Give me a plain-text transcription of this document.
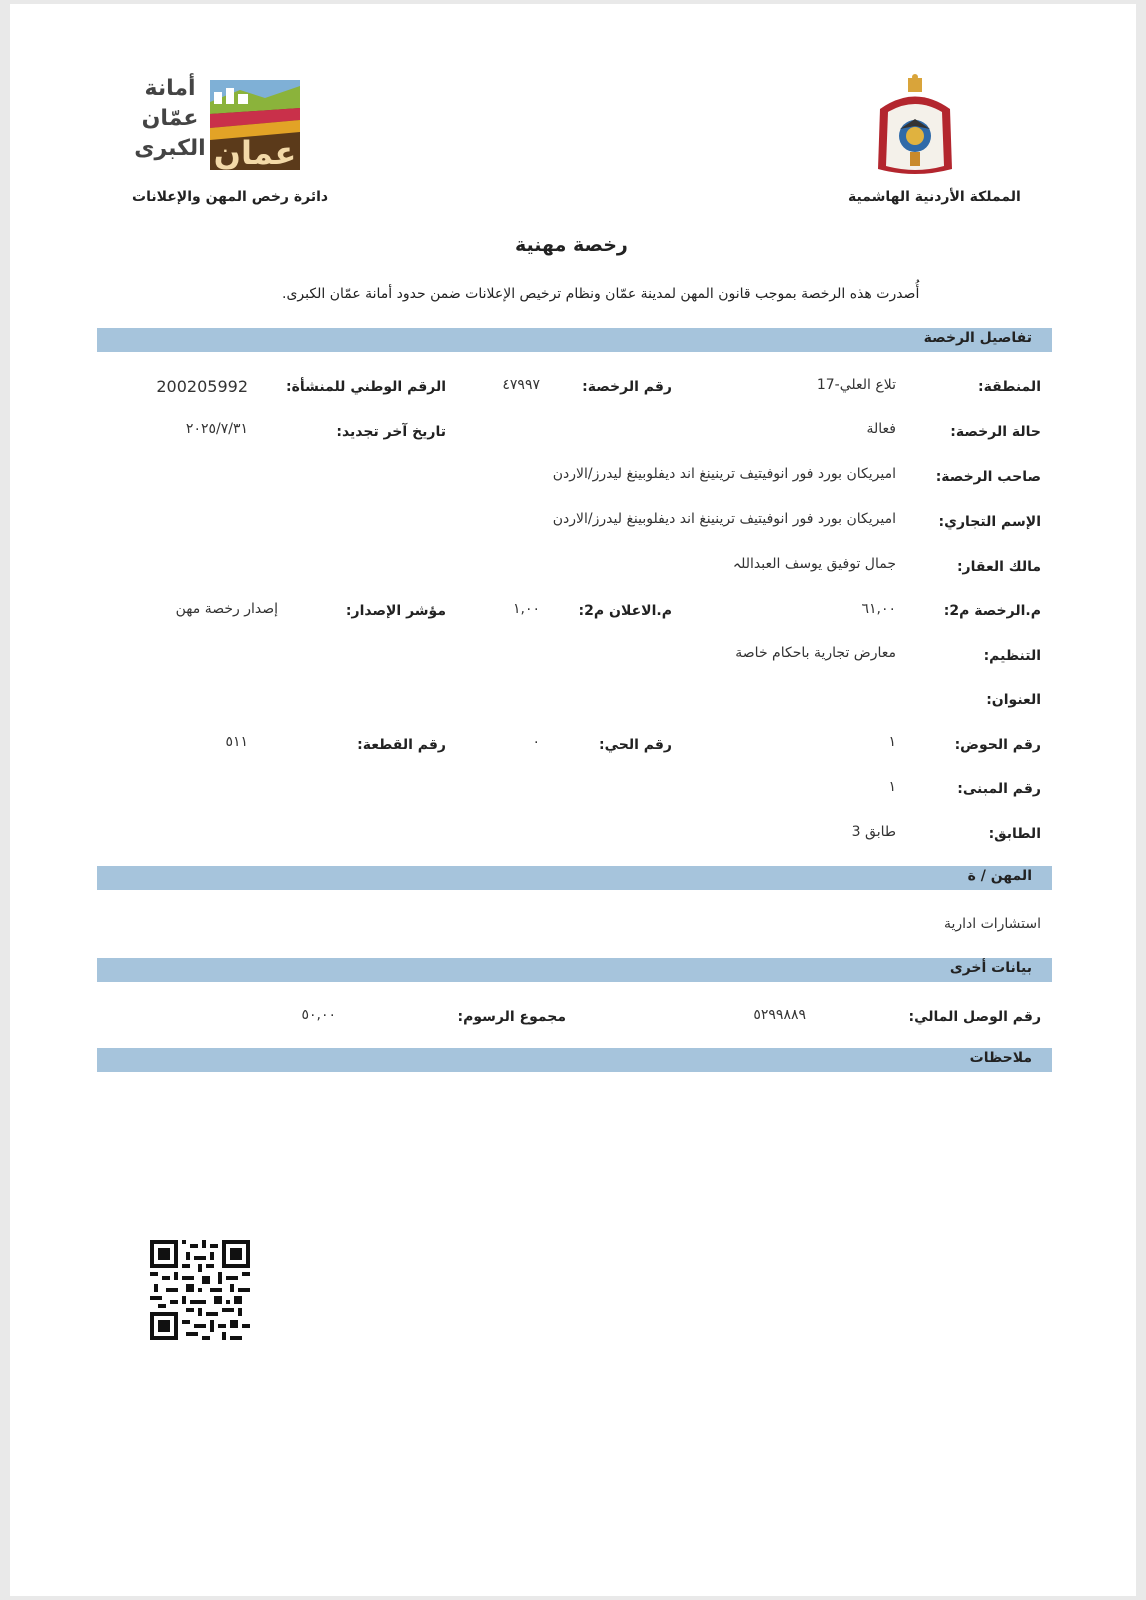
عمان
أمانة
عمّان
الكبرى
دائرة رخص المهن والإعلانات	المملكة الأردنية الهاشمية
رخصة مهنية
أُصدرت هذه الرخصة بموجب قانون المهن لمدينة عمّان ونظام ترخيص الإعلانات ضمن حدود أمانة عمّان الكبرى.
تفاصيل الرخصة
المنطقة:
تلاع العلي-17
رقم الرخصة:
٤٧٩٩٧
الرقم الوطني للمنشأة:
200205992
حالة الرخصة:
فعالة
تاريخ آخر تجديد:
٢٠٢٥/٧/٣١
صاحب الرخصة:
اميريكان بورد فور انوفيتيف ترينينغ اند ديفلوبينغ ليدرز/الاردن
الإسم التجاري:
اميريكان بورد فور انوفيتيف ترينينغ اند ديفلوبينغ ليدرز/الاردن
مالك العقار:
جمال توفيق يوسف العبداللہ
م.الرخصة م2:
٦١,٠٠
م.الاعلان م2:
١,٠٠
مؤشر الإصدار:
إصدار رخصة مهن
التنظيم:
معارض تجارية باحكام خاصة
العنوان:
رقم الحوض:
١
رقم الحي:
٠
رقم القطعة:
٥١١
رقم المبنى:
١
الطابق:
طابق 3
المهن / ة
استشارات ادارية
بيانات أخرى
رقم الوصل المالي:
٥٢٩٩٨٨٩
مجموع الرسوم:
٥٠,٠٠
ملاحظات
